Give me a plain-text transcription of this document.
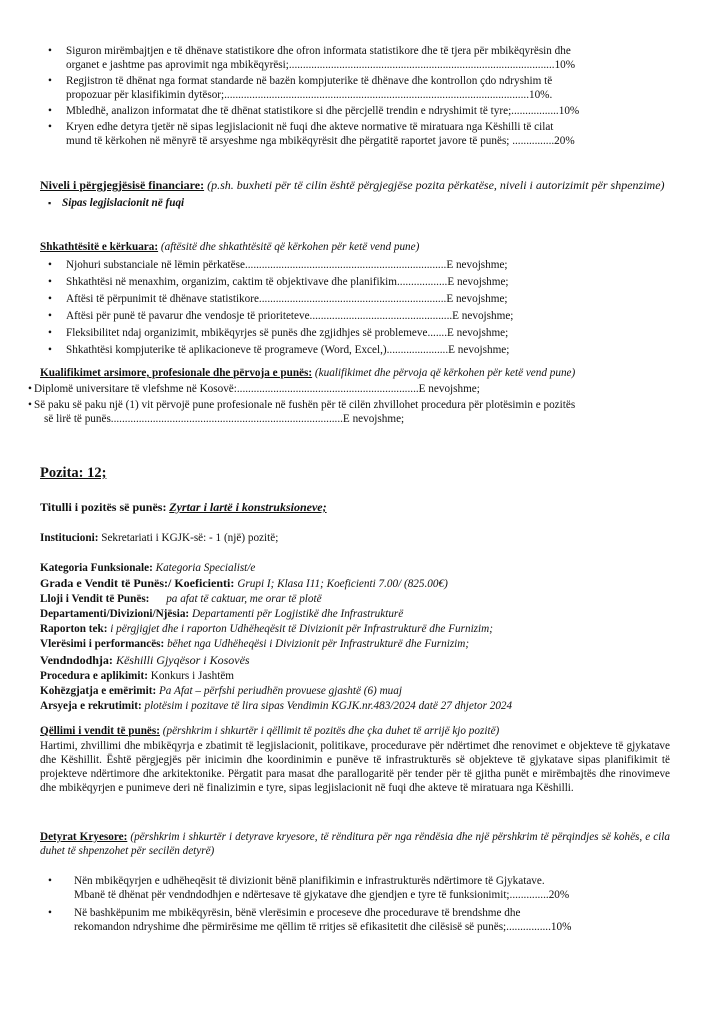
• Siguron mirëmbajtjen e të dhënave statistikore dhe ofron informata statistikore dhe të tjera për mbikëqyrësin dhe
organet e jashtme pas aprovimit nga mbikëqyrësi;...............................................................................................10%
• Regjistron të dhënat nga format standarde në bazën kompjuterike të dhënave dhe kontrollon çdo ndryshim të
propozuar për klasifikimin dytësor;.............................................................................................................10%.
• Mbledhë, analizon informatat dhe të dhënat statistikore si dhe përcjellë trendin e ndryshimit të tyre;.................10%
• Kryen edhe detyra tjetër në sipas legjislacionit në fuqi dhe akteve normative të miratuara nga Këshilli të cilat
mund të kërkohen në mënyrë të arsyeshme nga mbikëqyrësit dhe përgatitë raportet javore të punës; ...............20%
Niveli i përgjegjësisë financiare: (p.sh. buxheti për të cilin është përgjegjëse pozita përkatëse, niveli i autorizimit për shpenzime)
▪ Sipas legjislacionit në fuqi
Shkathtësitë e kërkuara: (aftësitë dhe shkathtësitë që kërkohen për ketë vend pune)
• Njohuri substanciale në lëmin përkatëse........................................................................E nevojshme;
• Shkathtësi në menaxhim, organizim, caktim të objektivave dhe planifikim..................E nevojshme;
• Aftësi të përpunimit të dhënave statistikore...................................................................E nevojshme;
• Aftësi për punë të pavarur dhe vendosje të prioriteteve...................................................E nevojshme;
• Fleksibilitet ndaj organizimit, mbikëqyrjes së punës dhe zgjidhjes së problemeve.......E nevojshme;
• Shkathtësi kompjuterike të aplikacioneve të programeve (Word, Excel,)......................E nevojshme;
Kualifikimet arsimore, profesionale dhe përvoja e punës: (kualifikimet dhe përvoja që kërkohen për ketë vend pune)
• Diplomë universitare të vlefshme në Kosovë:.................................................................E nevojshme;
• Së paku së paku një (1) vit përvojë pune profesionale në fushën për të cilën zhvillohet procedura për plotësimin e pozitës
së lirë të punës...................................................................................E nevojshme;
Pozita: 12;
Titulli i pozitës së punës: Zyrtar i lartë i konstruksioneve;
Institucioni: Sekretariati i KGJK-së: - 1 (një) pozitë;
Kategoria Funksionale: Kategoria Specialist/e
Grada e Vendit të Punës:/ Koeficienti: Grupi I; Klasa I11; Koeficienti 7.00/ (825.00€)
Lloji i Vendit të Punës: pa afat të caktuar, me orar të plotë
Departamenti/Divizioni/Njësia: Departamenti për Logjistikë dhe Infrastrukturë
Raporton tek: i përgjigjet dhe i raporton Udhëheqësit të Divizionit për Infrastrukturë dhe Furnizim;
Vlerësimi i performancës: bëhet nga Udhëheqësi i Divizionit për Infrastrukturë dhe Furnizim;
Vendndodhja: Këshilli Gjyqësor i Kosovës
Procedura e aplikimit: Konkurs i Jashtëm
Kohëzgjatja e emërimit: Pa Afat – përfshi periudhën provuese gjashtë (6) muaj
Arsyeja e rekrutimit: plotësim i pozitave të lira sipas Vendimin KGJK.nr.483/2024 datë 27 dhjetor 2024
Qëllimi i vendit të punës: (përshkrim i shkurtër i qëllimit të pozitës dhe çka duhet të arrijë kjo pozitë)
Hartimi, zhvillimi dhe mbikëqyrja e zbatimit të legjislacionit, politikave, procedurave për ndërtimet dhe renovimet e objekteve të gjykatave dhe Këshillit. Është përgjegjës për inicimin dhe koordinimin e punëve të infrastrukturës së objekteve të gjykatave sipas planifikimit të projekteve ndërtimore dhe arkitektonike. Përgatit para masat dhe parallogaritë për tender për të gjitha punët e mirëmbajtës dhe rinovimeve dhe mbikëqyrjen e punimeve deri në finalizimin e tyre, sipas legjislacionit në fuqi dhe akteve të miratuara nga Këshilli.
Detyrat Kryesore: (përshkrim i shkurtër i detyrave kryesore, të rënditura për nga rëndësia dhe një përshkrim të përqindjes së kohës, e cila duhet të shpenzohet për secilën detyrë)
• Nën mbikëqyrjen e udhëheqësit të divizionit bënë planifikimin e infrastrukturës ndërtimore të Gjykatave.
Mbanë të dhënat për vendndodhjen e ndërtesave të gjykatave dhe gjendjen e tyre të funksionimit;..............20%
• Në bashkëpunim me mbikëqyrësin, bënë vlerësimin e proceseve dhe procedurave të brendshme dhe
rekomandon ndryshime dhe përmirësime me qëllim të rritjes së efikasitetit dhe cilësisë së punës;................10%
